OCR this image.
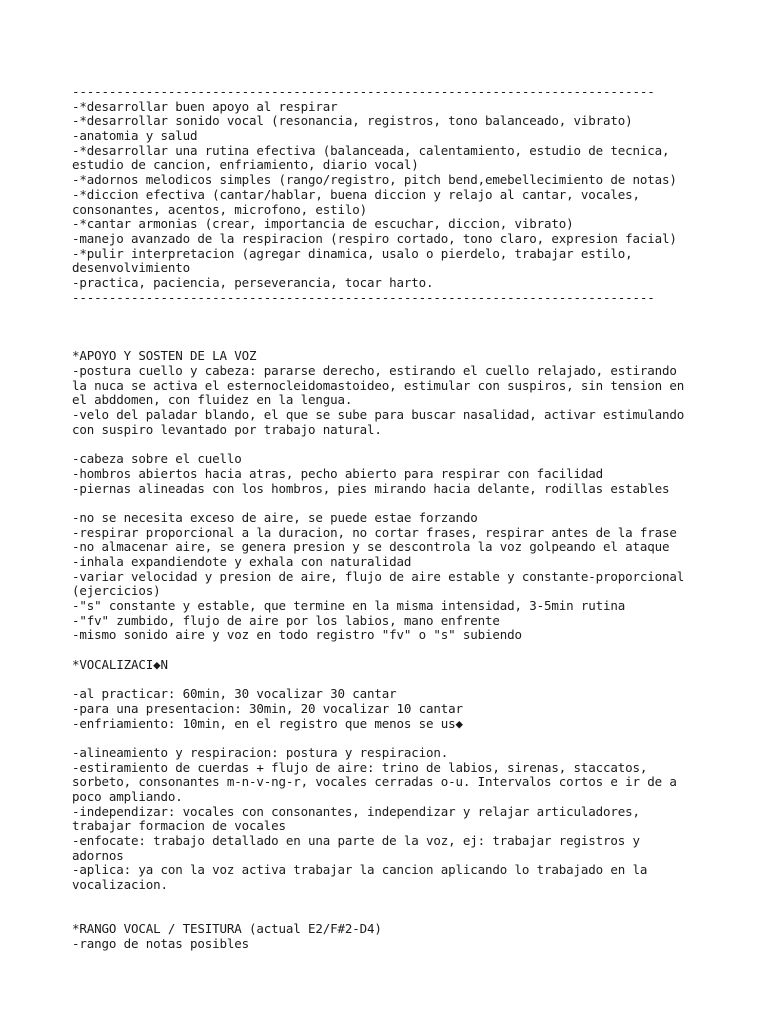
-------------------------------------------------------------------------------
-*desarrollar buen apoyo al respirar
-*desarrollar sonido vocal (resonancia, registros, tono balanceado, vibrato)
-anatomia y salud
-*desarrollar una rutina efectiva (balanceada, calentamiento, estudio de tecnica,
estudio de cancion, enfriamiento, diario vocal)
-*adornos melodicos simples (rango/registro, pitch bend,emebellecimiento de notas)
-*diccion efectiva (cantar/hablar, buena diccion y relajo al cantar, vocales,
consonantes, acentos, microfono, estilo)
-*cantar armonias (crear, importancia de escuchar, diccion, vibrato)
-manejo avanzado de la respiracion (respiro cortado, tono claro, expresion facial)
-*pulir interpretacion (agregar dinamica, usalo o pierdelo, trabajar estilo,
desenvolvimiento
-practica, paciencia, perseverancia, tocar harto.
-------------------------------------------------------------------------------
*APOYO Y SOSTEN DE LA VOZ
-postura cuello y cabeza: pararse derecho, estirando el cuello relajado, estirando
la nuca se activa el esternocleidomastoideo, estimular con suspiros, sin tension en
el abddomen, con fluidez en la lengua.
-velo del paladar blando, el que se sube para buscar nasalidad, activar estimulando
con suspiro levantado por trabajo natural.
-cabeza sobre el cuello
-hombros abiertos hacia atras, pecho abierto para respirar con facilidad
-piernas alineadas con los hombros, pies mirando hacia delante, rodillas estables
-no se necesita exceso de aire, se puede estae forzando
-respirar proporcional a la duracion, no cortar frases, respirar antes de la frase
-no almacenar aire, se genera presion y se descontrola la voz golpeando el ataque
-inhala expandiendote y exhala con naturalidad
-variar velocidad y presion de aire, flujo de aire estable y constante-proporcional
(ejercicios)
-"s" constante y estable, que termine en la misma intensidad, 3-5min rutina
-"fv" zumbido, flujo de aire por los labios, mano enfrente
-mismo sonido aire y voz en todo registro "fv" o "s" subiendo
*VOCALIZACI◆N
-al practicar: 60min, 30 vocalizar 30 cantar
-para una presentacion: 30min, 20 vocalizar 10 cantar
-enfriamiento: 10min, en el registro que menos se us◆
-alineamiento y respiracion: postura y respiracion.
-estiramiento de cuerdas + flujo de aire: trino de labios, sirenas, staccatos,
sorbeto, consonantes m-n-v-ng-r, vocales cerradas o-u. Intervalos cortos e ir de a
poco ampliando.
-independizar: vocales con consonantes, independizar y relajar articuladores,
trabajar formacion de vocales
-enfocate: trabajo detallado en una parte de la voz, ej: trabajar registros y
adornos
-aplica: ya con la voz activa trabajar la cancion aplicando lo trabajado en la
vocalizacion.
*RANGO VOCAL / TESITURA (actual E2/F#2-D4)
-rango de notas posibles
